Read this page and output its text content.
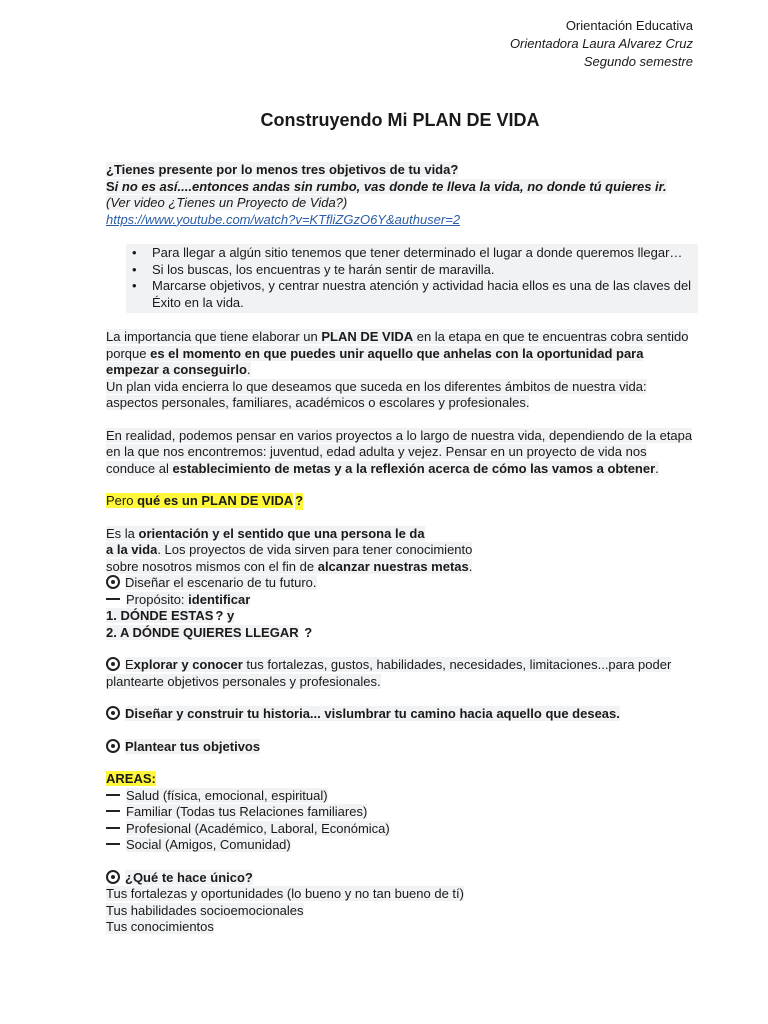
Orientación Educativa
Orientadora Laura Alvarez Cruz
Segundo semestre
Construyendo Mi PLAN DE VIDA
¿Tienes presente por lo menos tres objetivos de tu vida?
Si no es así....entonces andas sin rumbo, vas donde te lleva la vida, no donde tú quieres ir.
(Ver video ¿Tienes un Proyecto de Vida?)
https://www.youtube.com/watch?v=KTfliZGzO6Y&authuser=2
• Para llegar a algún sitio tenemos que tener determinado el lugar a donde queremos llegar…
• Si los buscas, los encuentras y te harán sentir de maravilla.
• Marcarse objetivos, y centrar nuestra atención y actividad hacia ellos es una de las claves del Éxito en la vida.
La importancia que tiene elaborar un PLAN DE VIDA en la etapa en que te encuentras cobra sentido porque es el momento en que puedes unir aquello que anhelas con la oportunidad para empezar a conseguirlo.
Un plan vida encierra lo que deseamos que suceda en los diferentes ámbitos de nuestra vida: aspectos personales, familiares, académicos o escolares y profesionales.
En realidad, podemos pensar en varios proyectos a lo largo de nuestra vida, dependiendo de la etapa en la que nos encontremos: juventud, edad adulta y vejez. Pensar en un proyecto de vida nos conduce al establecimiento de metas y a la reflexión acerca de cómo las vamos a obtener.
Pero qué es un PLAN DE VIDA ?
Es la orientación y el sentido que una persona le da
a la vida. Los proyectos de vida sirven para tener conocimiento
sobre nosotros mismos con el fin de alcanzar nuestras metas.
Diseñar el escenario de tu futuro.
Propósito: identificar
1. DÓNDE ESTAS ? y
2. A DÓNDE QUIERES LLEGAR ?
Explorar y conocer tus fortalezas, gustos, habilidades, necesidades, limitaciones...para poder plantearte objetivos personales y profesionales.
Diseñar y construir tu historia... vislumbrar tu camino hacia aquello que deseas.
Plantear tus objetivos
AREAS:
Salud (física, emocional, espiritual)
Familiar (Todas tus Relaciones familiares)
Profesional (Académico, Laboral, Económica)
Social (Amigos, Comunidad)
¿Qué te hace único?
Tus fortalezas y oportunidades (lo bueno y no tan bueno de tí)
Tus habilidades socioemocionales
Tus conocimientos
